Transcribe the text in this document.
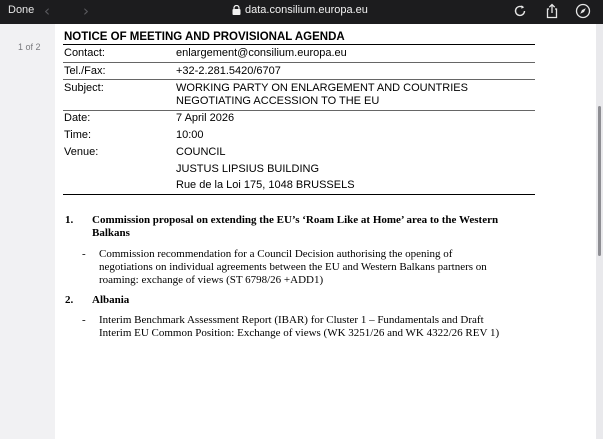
Done ‹ ›	data.consilium.europa.eu
1 of 2
NOTICE OF MEETING AND PROVISIONAL AGENDA
Contact:	enlargement@consilium.europa.eu
Tel./Fax:	+32-2.281.5420/6707
Subject:	WORKING PARTY ON ENLARGEMENT AND COUNTRIES
NEGOTIATING ACCESSION TO THE EU
Date:	7 April 2026
Time:	10:00
Venue:	COUNCIL
JUSTUS LIPSIUS BUILDING
Rue de la Loi 175, 1048 BRUSSELS
1. Commission proposal on extending the EU’s ‘Roam Like at Home’ area to the Western
Balkans
- Commission recommendation for a Council Decision authorising the opening of
negotiations on individual agreements between the EU and Western Balkans partners on
roaming: exchange of views (ST 6798/26 +ADD1)
2. Albania
- Interim Benchmark Assessment Report (IBAR) for Cluster 1 – Fundamentals and Draft
Interim EU Common Position: Exchange of views (WK 3251/26 and WK 4322/26 REV 1)
